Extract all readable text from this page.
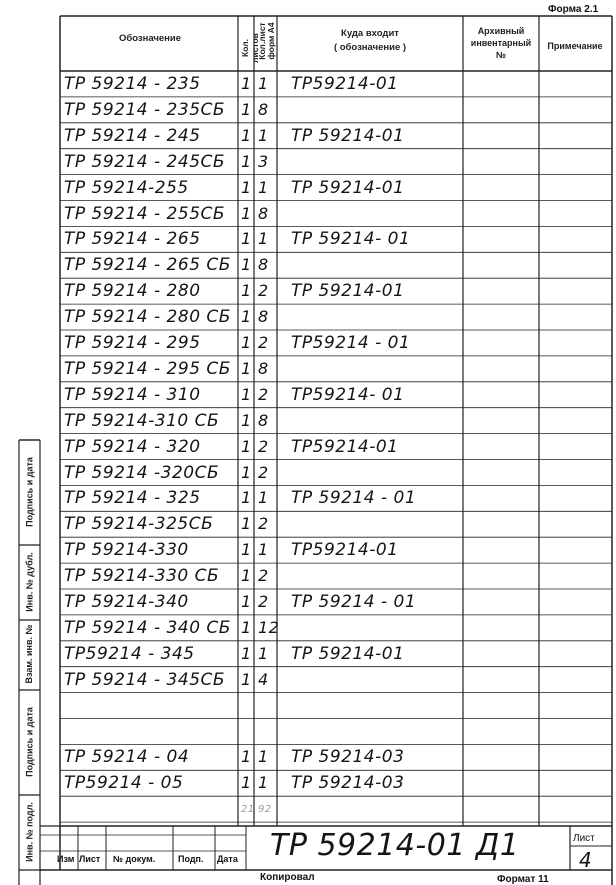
Форма 2.1
Обозначение
Кол. листов
Кол.лист
форм А4	Куда входит
( обозначение )
Архивный
инвентарный
№
Примечание
ТР 59214 - 235	1 1 ТР59214-01
ТР 59214 - 235СБ 1 8
ТР 59214 - 245	1 1 ТР 59214-01
ТР 59214 - 245СБ 1 3
ТР 59214-255	1 1 ТР 59214-01
ТР 59214 - 255СБ 1 8
ТР 59214 - 265	1 1 ТР 59214- 01
ТР 59214 - 265 СБ 1 8
ТР 59214 - 280	1 2 ТР 59214-01
ТР 59214 - 280 СБ 1 8
ТР 59214 - 295	1 2 ТР59214 - 01
ТР 59214 - 295 СБ 1 8
ТР 59214 - 310	1 2 ТР59214- 01
ТР 59214-310 СБ 1 8
ТР 59214 - 320	1 2 ТР59214-01
ТР 59214 -320СБ 1 2
ТР 59214 - 325	1 1 ТР 59214 - 01
ТР 59214-325СБ 1 2
ТР 59214-330	1 1 ТР59214-01
ТР 59214-330 СБ 1 2
ТР 59214-340	1 2 ТР 59214 - 01
ТР 59214 - 340 СБ 1 12
ТР59214 - 345	1 1 ТР 59214-01
ТР 59214 - 345СБ 1 4
ТР 59214 - 04	1 1 ТР 59214-03
ТР59214 - 05	1 1 ТР 59214-03
21 92
Подпись и дата
Инв. № дубл.
Взам. инв. №
Подпись и дата
Инв. № подл.	Изм Лист № докум.	Подп. Дата ТР 59214-01 Д1	Лист
4
Копировал	Формат 11
